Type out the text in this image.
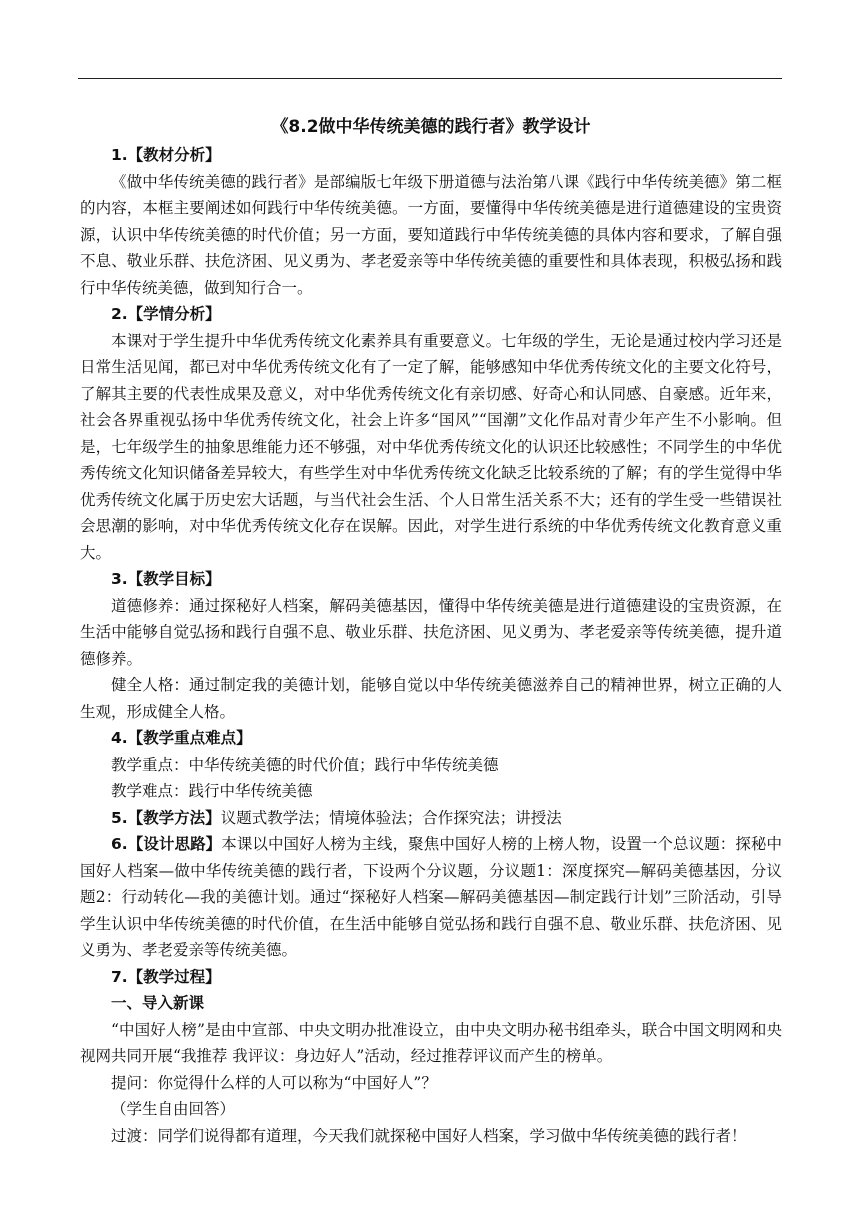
《8.2做中华传统美德的践行者》教学设计
1.【教材分析】

《做中华传统美德的践行者》是部编版七年级下册道德与法治第八课《践行中华传统美德》第二框的内容，本框主要阐述如何践行中华传统美德。一方面，要懂得中华传统美德是进行道德建设的宝贵资源，认识中华传统美德的时代价值；另一方面，要知道践行中华传统美德的具体内容和要求，了解自强不息、敬业乐群、扶危济困、见义勇为、孝老爱亲等中华传统美德的重要性和具体表现，积极弘扬和践行中华传统美德，做到知行合一。

2.【学情分析】

本课对于学生提升中华优秀传统文化素养具有重要意义。七年级的学生，无论是通过校内学习还是日常生活见闻，都已对中华优秀传统文化有了一定了解，能够感知中华优秀传统文化的主要文化符号，了解其主要的代表性成果及意义，对中华优秀传统文化有亲切感、好奇心和认同感、自豪感。近年来，社会各界重视弘扬中华优秀传统文化，社会上许多“国风”“国潮”文化作品对青少年产生不小影响。但是，七年级学生的抽象思维能力还不够强，对中华优秀传统文化的认识还比较感性；不同学生的中华优秀传统文化知识储备差异较大，有些学生对中华优秀传统文化缺乏比较系统的了解；有的学生觉得中华优秀传统文化属于历史宏大话题，与当代社会生活、个人日常生活关系不大；还有的学生受一些错误社会思潮的影响，对中华优秀传统文化存在误解。因此，对学生进行系统的中华优秀传统文化教育意义重大。

3.【教学目标】

道德修养：通过探秘好人档案，解码美德基因，懂得中华传统美德是进行道德建设的宝贵资源，在生活中能够自觉弘扬和践行自强不息、敬业乐群、扶危济困、见义勇为、孝老爱亲等传统美德，提升道德修养。

健全人格：通过制定我的美德计划，能够自觉以中华传统美德滋养自己的精神世界，树立正确的人生观，形成健全人格。

4.【教学重点难点】

教学重点：中华传统美德的时代价值；践行中华传统美德

教学难点：践行中华传统美德

5.【教学方法】议题式教学法；情境体验法；合作探究法；讲授法

6.【设计思路】本课以中国好人榜为主线，聚焦中国好人榜的上榜人物，设置一个总议题：探秘中国好人档案—做中华传统美德的践行者，下设两个分议题，分议题1：深度探究—解码美德基因，分议题2：行动转化—我的美德计划。通过“探秘好人档案—解码美德基因—制定践行计划”三阶活动，引导学生认识中华传统美德的时代价值，在生活中能够自觉弘扬和践行自强不息、敬业乐群、扶危济困、见义勇为、孝老爱亲等传统美德。

7.【教学过程】
一、导入新课

“中国好人榜”是由中宣部、中央文明办批准设立，由中央文明办秘书组牵头，联合中国文明网和央视网共同开展“我推荐 我评议：身边好人”活动，经过推荐评议而产生的榜单。

提问：你觉得什么样的人可以称为“中国好人”？

（学生自由回答）

过渡：同学们说得都有道理，今天我们就探秘中国好人档案，学习做中华传统美德的践行者！
